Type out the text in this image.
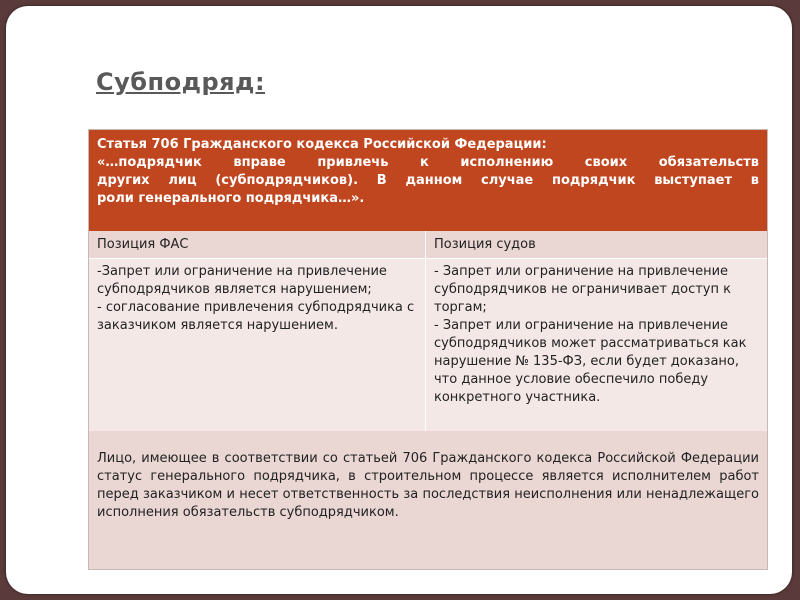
Субподряд:

Статья 706 Гражданского кодекса Российской Федерации:

«…подрядчик вправе привлечь к исполнению своих обязательств

других лиц (субподрядчиков). В данном случае подрядчик выступает в

роли генерального подрядчика…».

Позиция ФАС	Позиция судов
-Запрет или ограничение на привлечение субподрядчиков является нарушением;
- согласование привлечения субподрядчика с заказчиком является нарушением.
- Запрет или ограничение на привлечение субподрядчиков не ограничивает доступ к торгам;
- Запрет или ограничение на привлечение субподрядчиков может рассматриваться как нарушение № 135-ФЗ, если будет доказано, что данное условие обеспечило победу конкретного участника.
Лицо, имеющее в соответствии со статьей 706 Гражданского кодекса Российской Федерации статус генерального подрядчика, в строительном процессе является исполнителем работ перед заказчиком и несет ответственность за последствия неисполнения или ненадлежащего исполнения обязательств субподрядчиком.
